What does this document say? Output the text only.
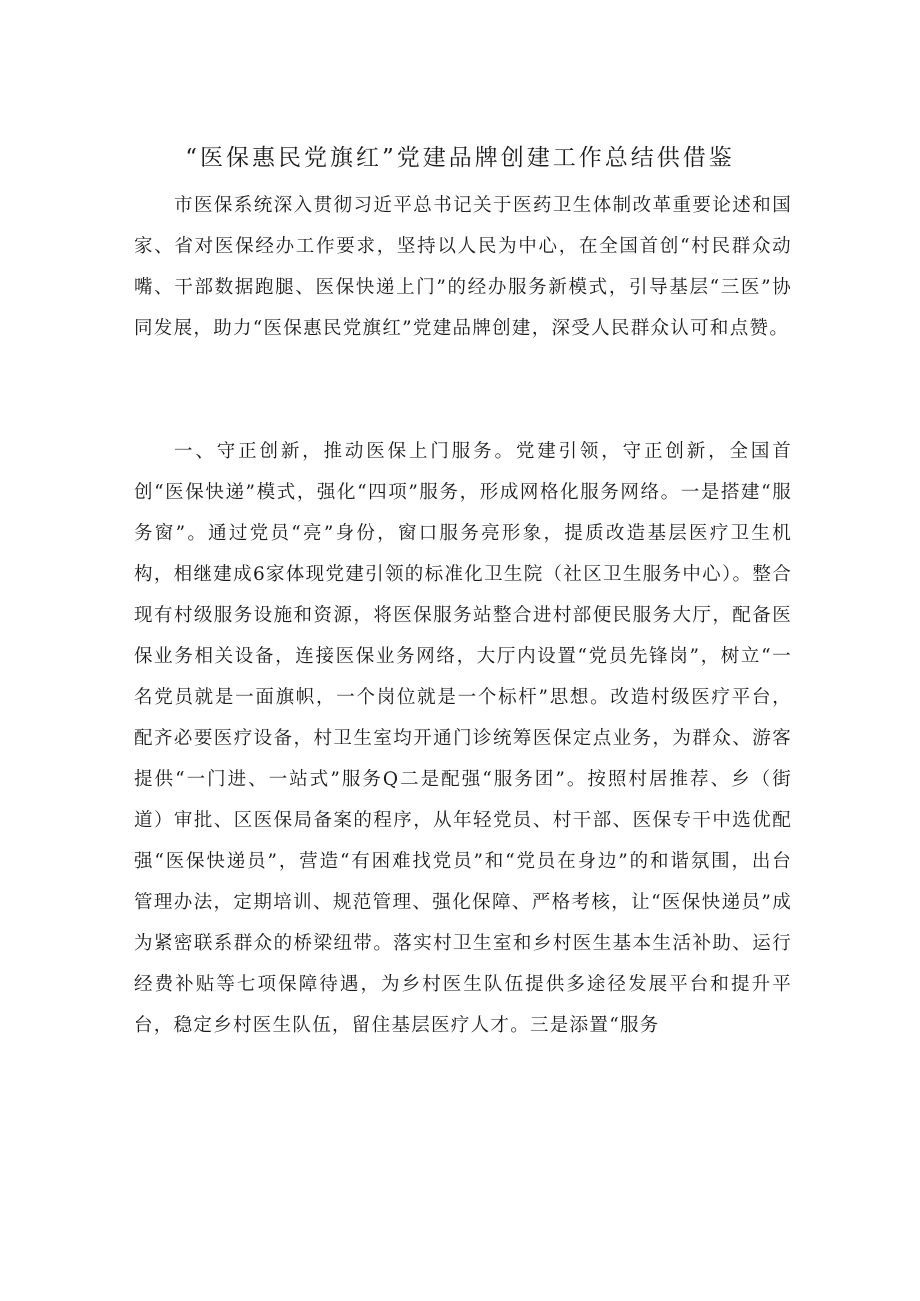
“医保惠民党旗红”党建品牌创建工作总结供借鉴

市医保系统深入贯彻习近平总书记关于医药卫生体制改革重要论述和国家、省对医保经办工作要求，坚持以人民为中心，在全国首创“村民群众动嘴、干部数据跑腿、医保快递上门”的经办服务新模式，引导基层“三医”协同发展，助力“医保惠民党旗红”党建品牌创建，深受人民群众认可和点赞。

一、守正创新，推动医保上门服务。党建引领，守正创新，全国首创“医保快递”模式，强化“四项”服务，形成网格化服务网络。一是搭建“服务窗”。通过党员“亮”身份，窗口服务亮形象，提质改造基层医疗卫生机构，相继建成6家体现党建引领的标准化卫生院（社区卫生服务中心）。整合现有村级服务设施和资源，将医保服务站整合进村部便民服务大厅，配备医保业务相关设备，连接医保业务网络，大厅内设置“党员先锋岗”，树立“一名党员就是一面旗帜，一个岗位就是一个标杆”思想。改造村级医疗平台，配齐必要医疗设备，村卫生室均开通门诊统筹医保定点业务，为群众、游客提供“一门进、一站式”服务Q二是配强“服务团”。按照村居推荐、乡（街道）审批、区医保局备案的程序，从年轻党员、村干部、医保专干中选优配强“医保快递员”，营造“有困难找党员”和“党员在身边”的和谐氛围，出台管理办法，定期培训、规范管理、强化保障、严格考核，让“医保快递员”成为紧密联系群众的桥梁纽带。落实村卫生室和乡村医生基本生活补助、运行经费补贴等七项保障待遇，为乡村医生队伍提供多途径发展平台和提升平台，稳定乡村医生队伍，留住基层医疗人才。三是添置“服务
